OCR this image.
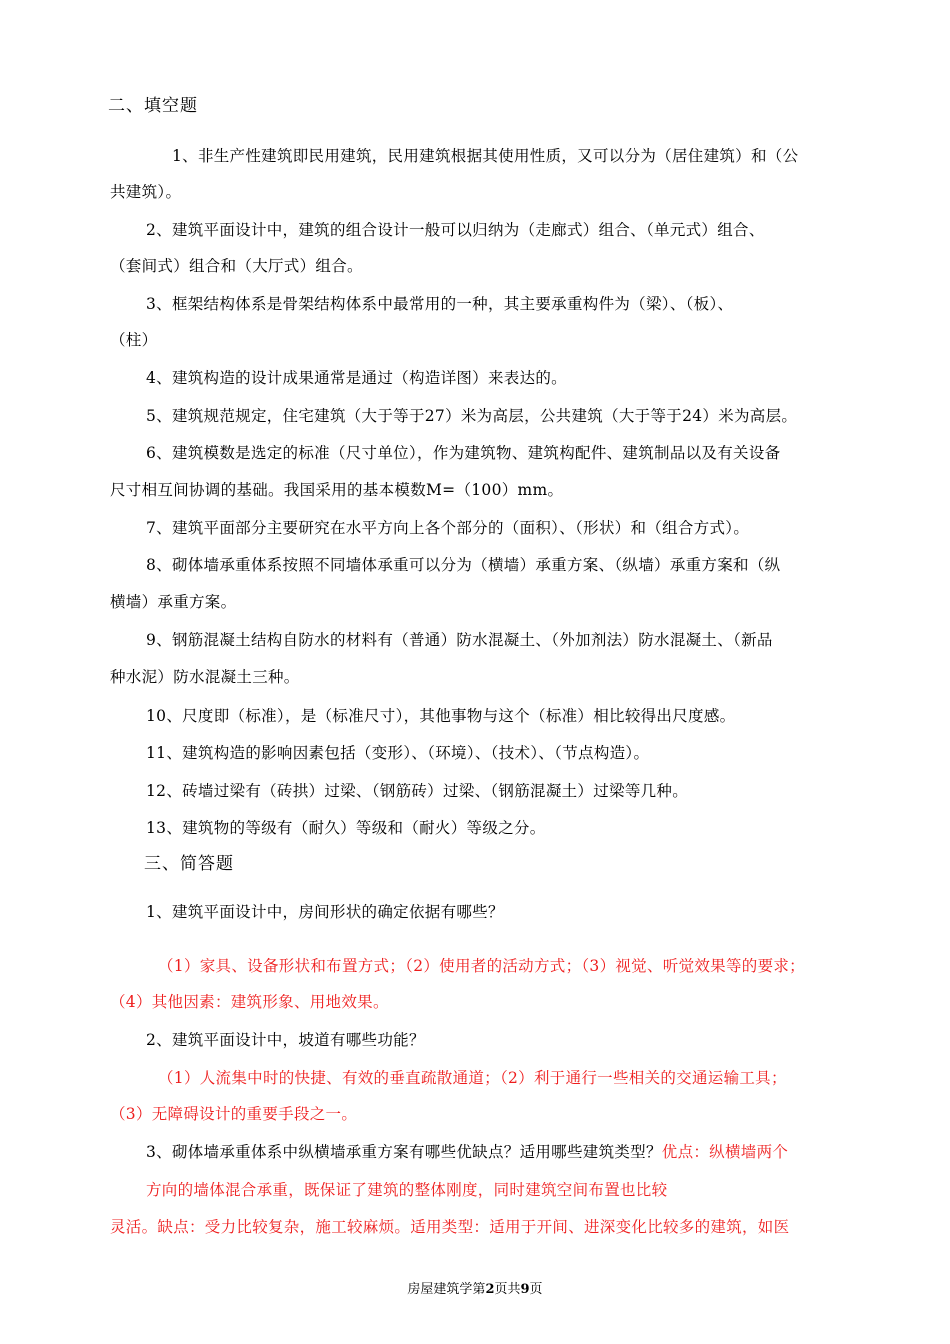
二、填空题
1、非生产性建筑即民用建筑，民用建筑根据其使用性质，又可以分为（居住建筑）和（公
共建筑）。
2、建筑平面设计中，建筑的组合设计一般可以归纳为（走廊式）组合、（单元式）组合、
（套间式）组合和（大厅式）组合。
3、框架结构体系是骨架结构体系中最常用的一种，其主要承重构件为（梁）、（板）、
（柱）
4、建筑构造的设计成果通常是通过（构造详图）来表达的。
5、建筑规范规定，住宅建筑（大于等于27）米为高层，公共建筑（大于等于24）米为高层。
6、建筑模数是选定的标准（尺寸单位），作为建筑物、建筑构配件、建筑制品以及有关设备
尺寸相互间协调的基础。我国采用的基本模数M=（100）mm。
7、建筑平面部分主要研究在水平方向上各个部分的（面积）、（形状）和（组合方式）。
8、砌体墙承重体系按照不同墙体承重可以分为（横墙）承重方案、（纵墙）承重方案和（纵
横墙）承重方案。
9、钢筋混凝土结构自防水的材料有（普通）防水混凝土、（外加剂法）防水混凝土、（新品
种水泥）防水混凝土三种。
10、尺度即（标准），是（标准尺寸），其他事物与这个（标准）相比较得出尺度感。
11、建筑构造的影响因素包括（变形）、（环境）、（技术）、（节点构造）。
12、砖墙过梁有（砖拱）过梁、（钢筋砖）过梁、（钢筋混凝土）过梁等几种。
13、建筑物的等级有（耐久）等级和（耐火）等级之分。
三、简答题
1、建筑平面设计中，房间形状的确定依据有哪些？
（1）家具、设备形状和布置方式；（2）使用者的活动方式；（3）视觉、听觉效果等的要求；
（4）其他因素：建筑形象、用地效果。
2、建筑平面设计中，坡道有哪些功能？
（1）人流集中时的快捷、有效的垂直疏散通道；（2）利于通行一些相关的交通运输工具；
（3）无障碍设计的重要手段之一。
3、砌体墙承重体系中纵横墙承重方案有哪些优缺点？适用哪些建筑类型？优点：纵横墙两个
方向的墙体混合承重，既保证了建筑的整体刚度，同时建筑空间布置也比较
灵活。缺点：受力比较复杂，施工较麻烦。适用类型：适用于开间、进深变化比较多的建筑，如医
房屋建筑学第2页共9页
